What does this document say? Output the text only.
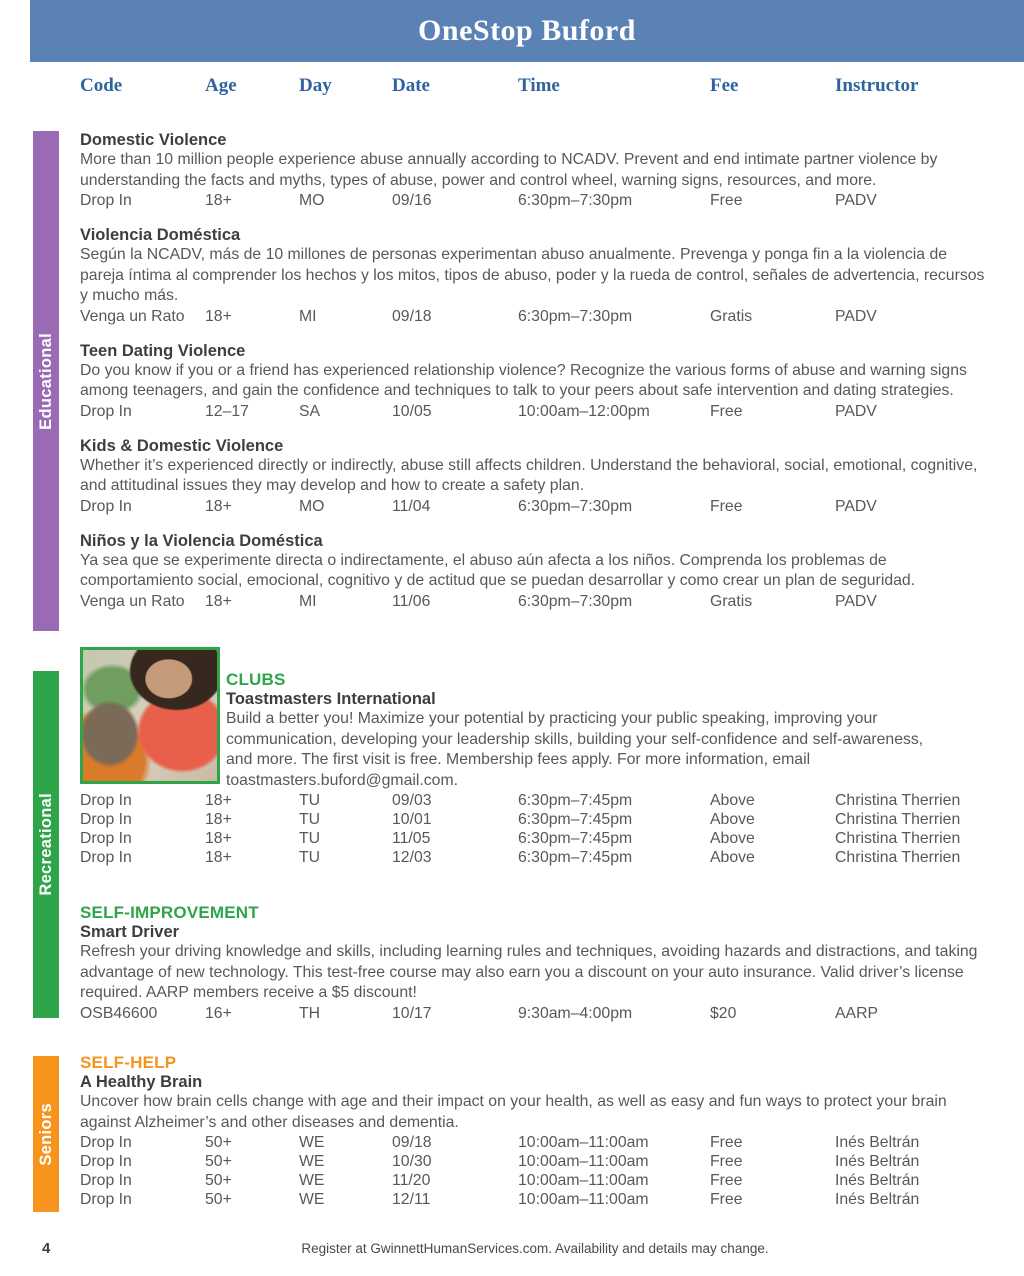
OneStop Buford
Code	Age	Day	Date	Time	Fee	Instructor
Educational
Recreational
Seniors
Domestic Violence
More than 10 million people experience abuse annually according to NCADV. Prevent and end intimate partner violence by understanding the facts and myths, types of abuse, power and control wheel, warning signs, resources, and more.
Drop In	18+	MO	09/16	6:30pm–7:30pm	Free	PADV
Violencia Doméstica
Según la NCADV, más de 10 millones de personas experimentan abuso anualmente. Prevenga y ponga fin a la violencia de pareja íntima al comprender los hechos y los mitos, tipos de abuso, poder y la rueda de control, señales de advertencia, recursos y mucho más.
Venga un Rato	18+	MI	09/18	6:30pm–7:30pm	Gratis	PADV
Teen Dating Violence
Do you know if you or a friend has experienced relationship violence? Recognize the various forms of abuse and warning signs among teenagers, and gain the confidence and techniques to talk to your peers about safe intervention and dating strategies.
Drop In	12–17	SA	10/05	10:00am–12:00pm	Free	PADV
Kids & Domestic Violence
Whether it’s experienced directly or indirectly, abuse still affects children. Understand the behavioral, social, emotional, cognitive, and attitudinal issues they may develop and how to create a safety plan.
Drop In	18+	MO	11/04	6:30pm–7:30pm	Free	PADV
Niños y la Violencia Doméstica
Ya sea que se experimente directa o indirectamente, el abuso aún afecta a los niños. Comprenda los problemas de comportamiento social, emocional, cognitivo y de actitud que se puedan desarrollar y como crear un plan de seguridad.
Venga un Rato	18+	MI	11/06	6:30pm–7:30pm	Gratis	PADV
CLUBS
Toastmasters International
Build a better you! Maximize your potential by practicing your public speaking, improving your communication, developing your leadership skills, building your self-confidence and self-awareness, and more. The first visit is free. Membership fees apply. For more information, email toastmasters.buford@gmail.com.
Drop In	18+	TU	09/03	6:30pm–7:45pm	Above	Christina Therrien
Drop In	18+	TU	10/01	6:30pm–7:45pm	Above	Christina Therrien
Drop In	18+	TU	11/05	6:30pm–7:45pm	Above	Christina Therrien
Drop In	18+	TU	12/03	6:30pm–7:45pm	Above	Christina Therrien
SELF-IMPROVEMENT
Smart Driver
Refresh your driving knowledge and skills, including learning rules and techniques, avoiding hazards and distractions, and taking advantage of new technology. This test-free course may also earn you a discount on your auto insurance. Valid driver’s license required. AARP members receive a $5 discount!
OSB46600	16+	TH	10/17	9:30am–4:00pm	$20	AARP
SELF-HELP
A Healthy Brain
Uncover how brain cells change with age and their impact on your health, as well as easy and fun ways to protect your brain against Alzheimer’s and other diseases and dementia.
Drop In	50+	WE	09/18	10:00am–11:00am	Free	Inés Beltrán
Drop In	50+	WE	10/30	10:00am–11:00am	Free	Inés Beltrán
Drop In	50+	WE	11/20	10:00am–11:00am	Free	Inés Beltrán
Drop In	50+	WE	12/11	10:00am–11:00am	Free	Inés Beltrán
4	Register at GwinnettHumanServices.com. Availability and details may change.
